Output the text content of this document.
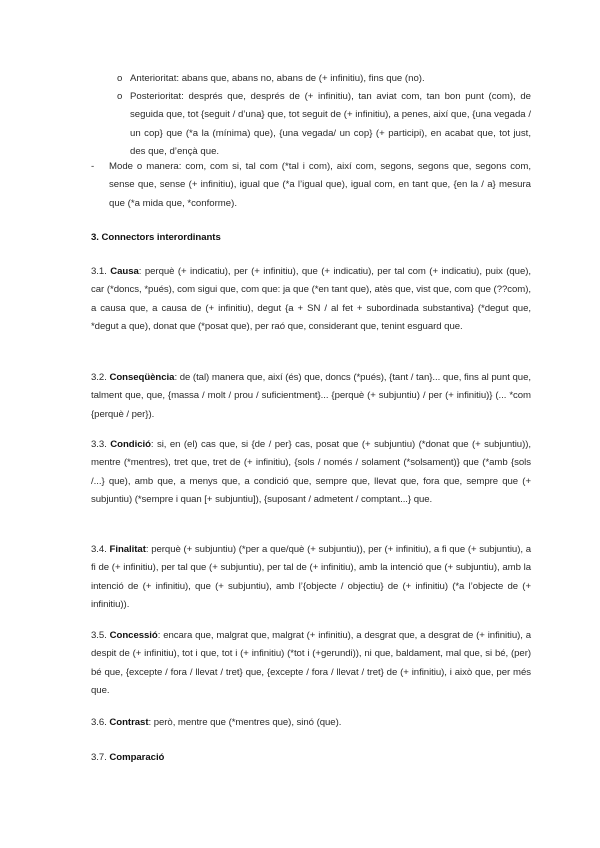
o Anterioritat: abans que, abans no, abans de (+ infinitiu), fins que (no).
o Posterioritat: després que, després de (+ infinitiu), tan aviat com, tan bon punt (com), de seguida que, tot {seguit / d’una} que, tot seguit de (+ infinitiu), a penes, així que, {una vegada / un cop} que (*a la (mínima) que), {una vegada/ un cop} (+ participi), en acabat que, tot just, des que, d’ençà que.
- Mode o manera: com, com si, tal com (*tal i com), així com, segons, segons que, segons com, sense que, sense (+ infinitiu), igual que (*a l’igual que), igual com, en tant que, {en la / a} mesura que (*a mida que, *conforme).
3. Connectors interordinants
3.1. Causa: perquè (+ indicatiu), per (+ infinitiu), que (+ indicatiu), per tal com (+ indicatiu), puix (que), car (*doncs, *pués), com sigui que, com que: ja que (*en tant que), atès que, vist que, com que (??com), a causa que, a causa de (+ infinitiu), degut {a + SN / al fet + subordinada substantiva} (*degut que, *degut a que), donat que (*posat que), per raó que, considerant que, tenint esguard que.
3.2. Conseqüència: de (tal) manera que, així (és) que, doncs (*pués), {tant / tan}... que, fins al punt que, talment que, que, {massa / molt / prou / suficientment}... {perquè (+ subjuntiu) / per (+ infinitiu)} (... *com {perquè / per}).
3.3. Condició: si, en (el) cas que, si {de / per} cas, posat que (+ subjuntiu) (*donat que (+ subjuntiu)), mentre (*mentres), tret que, tret de (+ infinitiu), {sols / només / solament (*solsament)} que (*amb {sols /...} que), amb que, a menys que, a condició que, sempre que, llevat que, fora que, sempre que (+ subjuntiu) (*sempre i quan [+ subjuntiu]), {suposant / admetent / comptant...} que.
3.4. Finalitat: perquè (+ subjuntiu) (*per a que/què (+ subjuntiu)), per (+ infinitiu), a fi que (+ subjuntiu), a fi de (+ infinitiu), per tal que (+ subjuntiu), per tal de (+ infinitiu), amb la intenció que (+ subjuntiu), amb la intenció de (+ infinitiu), que (+ subjuntiu), amb l’{objecte / objectiu} de (+ infinitiu) (*a l’objecte de (+ infinitiu)).
3.5. Concessió: encara que, malgrat que, malgrat (+ infinitiu), a desgrat que, a desgrat de (+ infinitiu), a despit de (+ infinitiu), tot i que, tot i (+ infinitiu) (*tot i (+gerundi)), ni que, baldament, mal que, si bé, (per) bé que, {excepte / fora / llevat / tret} que, {excepte / fora / llevat / tret} de (+ infinitiu), i això que, per més que.
3.6. Contrast: però, mentre que (*mentres que), sinó (que).
3.7. Comparació
